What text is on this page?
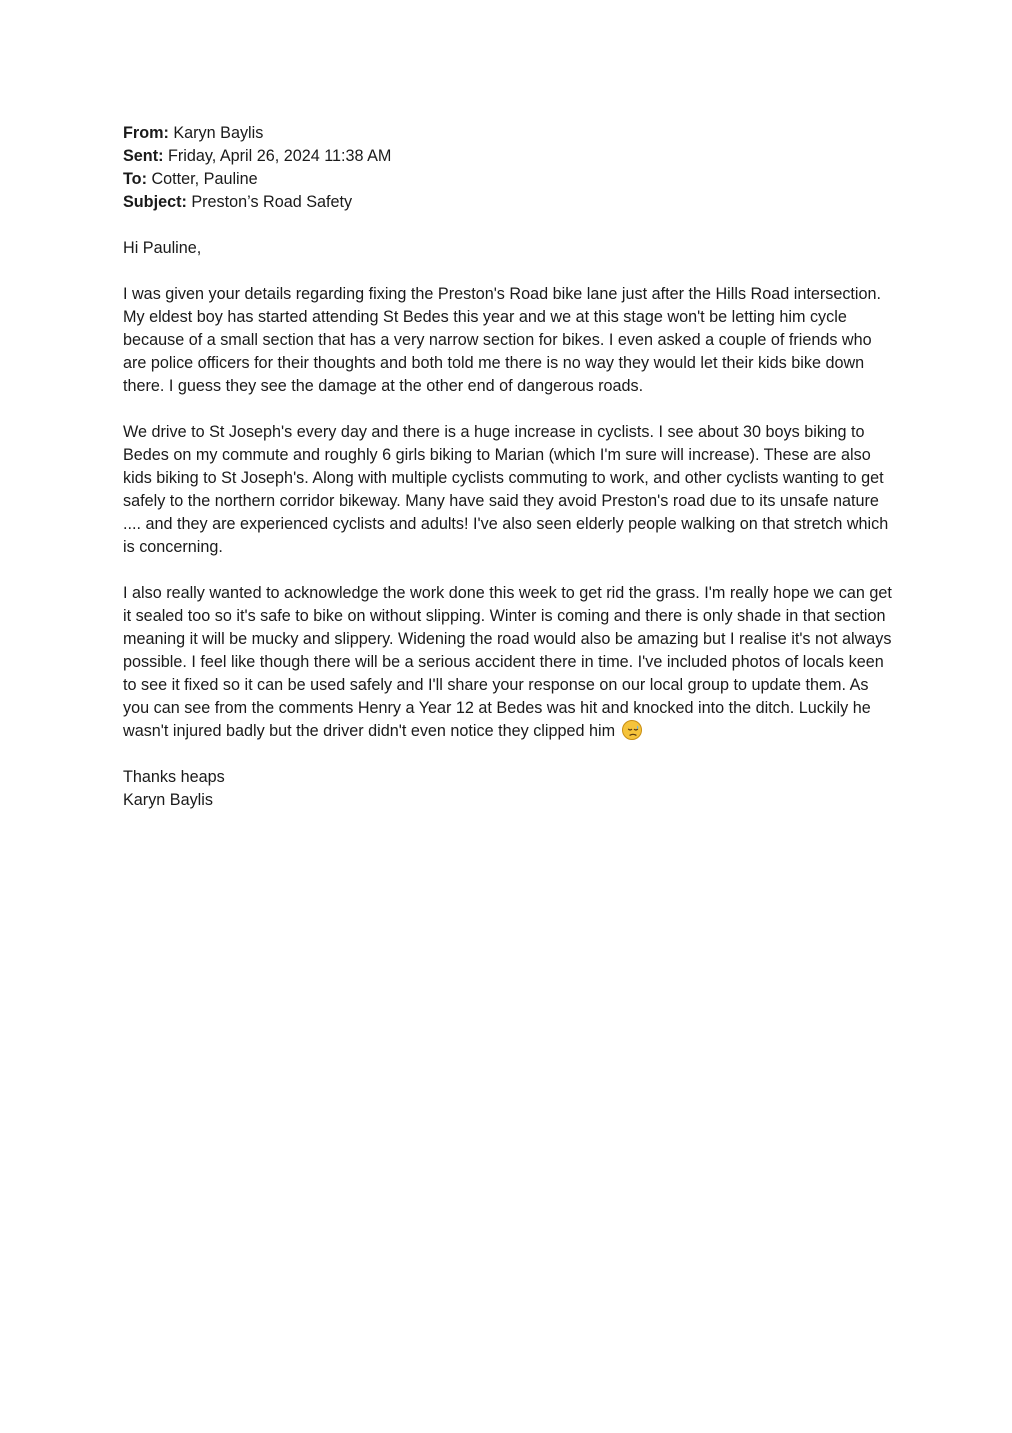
From: Karyn Baylis

Sent: Friday, April 26, 2024 11:38 AM

To: Cotter, Pauline

Subject: Preston’s Road Safety

Hi Pauline,

I was given your details regarding fixing the Preston's Road bike lane just after the Hills Road intersection. My eldest boy has started attending St Bedes this year and we at this stage won't be letting him cycle because of a small section that has a very narrow section for bikes. I even asked a couple of friends who are police officers for their thoughts and both told me there is no way they would let their kids bike down there. I guess they see the damage at the other end of dangerous roads.

We drive to St Joseph's every day and there is a huge increase in cyclists. I see about 30 boys biking to Bedes on my commute and roughly 6 girls biking to Marian (which I'm sure will increase). These are also kids biking to St Joseph's. Along with multiple cyclists commuting to work, and other cyclists wanting to get safely to the northern corridor bikeway. Many have said they avoid Preston's road due to its unsafe nature .... and they are experienced cyclists and adults! I've also seen elderly people walking on that stretch which is concerning.

I also really wanted to acknowledge the work done this week to get rid the grass. I'm really hope we can get it sealed too so it's safe to bike on without slipping. Winter is coming and there is only shade in that section meaning it will be mucky and slippery. Widening the road would also be amazing but I realise it's not always possible. I feel like though there will be a serious accident there in time. I've included photos of locals keen to see it fixed so it can be used safely and I'll share your response on our local group to update them. As you can see from the comments Henry a Year 12 at Bedes was hit and knocked into the ditch. Luckily he wasn't injured badly but the driver didn't even notice they clipped him

Thanks heaps

Karyn Baylis
